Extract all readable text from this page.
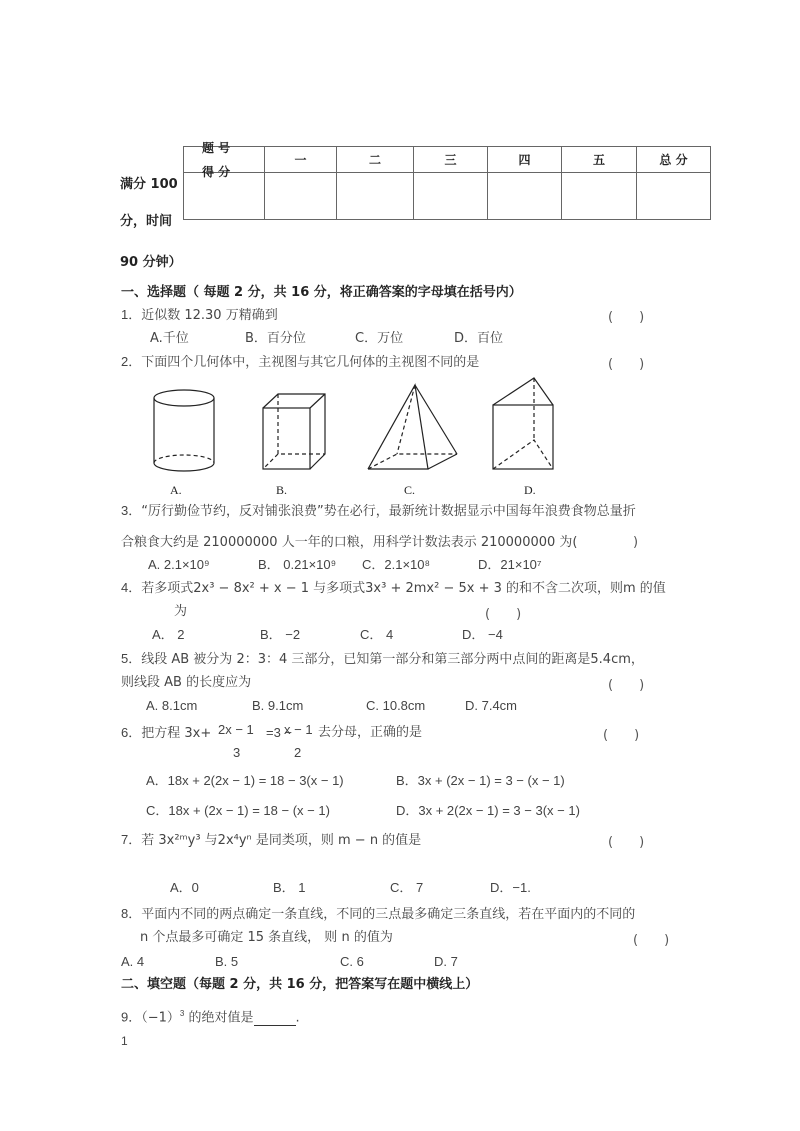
满分 100
分，时间
90 分钟）
题 号
得 分	一	二	三	四	五	总 分

一、选择题（ 每题 2 分，共 16 分，将正确答案的字母填在括号内）
1．近似数 12.30 万精确到	(　　)
A.千位	B．百分位	C．万位	D．百位
2．下面四个几何体中，主视图与其它几何体的主视图不同的是	(　　)
A.	B.	C.	D.
3．“厉行勤俭节约，反对铺张浪费”势在必行，最新统计数据显示中国每年浪费食物总量折
合粮食大约是 210000000 人一年的口粮，用科学计数法表示 210000000 为(	)
A. 2.1×10⁹	B． 0.21×10⁹ C．2.1×10⁸	D．21×10⁷
4．若多项式2x³ − 8x² + x − 1 与多项式3x³ + 2mx² − 5x + 3 的和不含二次项，则m 的值
为	(　　)
A． 2	B． −2	C． 4	D． −4
5．线段 AB 被分为 2：3：4 三部分，已知第一部分和第三部分两中点间的距离是5.4cm，
则线段 AB 的长度应为	(　　)
A. 8.1cm	B. 9.1cm	C. 10.8cm	D. 7.4cm
6．把方程 3x+ 2x − 1
3
=3 −
x − 1
2
去分母，正确的是	(　　)
A．18x + 2(2x − 1) = 18 − 3(x − 1)	B．3x + (2x − 1) = 3 − (x − 1)
C．18x + (2x − 1) = 18 − (x − 1)	D．3x + 2(2x − 1) = 3 − 3(x − 1)
7．若 3x²ᵐy³ 与2x⁴yⁿ 是同类项，则 m − n 的值是	(　　)
A．0	B． 1	C． 7	D．−1.
8．平面内不同的两点确定一条直线，不同的三点最多确定三条直线，若在平面内的不同的
n 个点最多可确定 15 条直线， 则 n 的值为	(　　)
A. 4	B. 5	C. 6	D. 7
二、填空题（每题 2 分，共 16 分，把答案写在题中横线上）
9．$(-1)^3$ 的绝对值是	.
1
